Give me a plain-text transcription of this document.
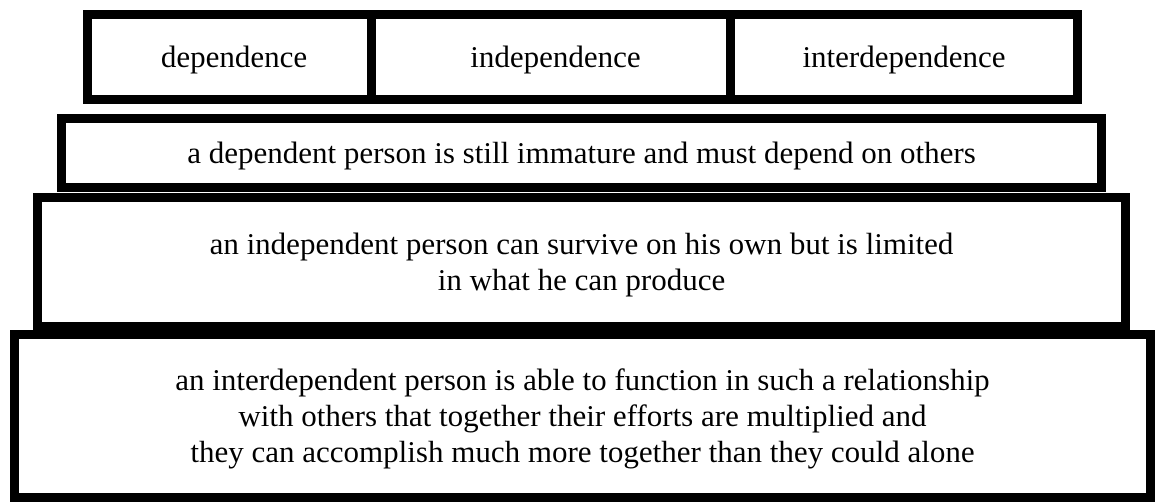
dependence	independence	interdependence
a dependent person is still immature and must depend on others
an independent person can survive on his own but is limited
in what he can produce
an interdependent person is able to function in such a relationship
with others that together their efforts are multiplied and
they can accomplish much more together than they could alone
